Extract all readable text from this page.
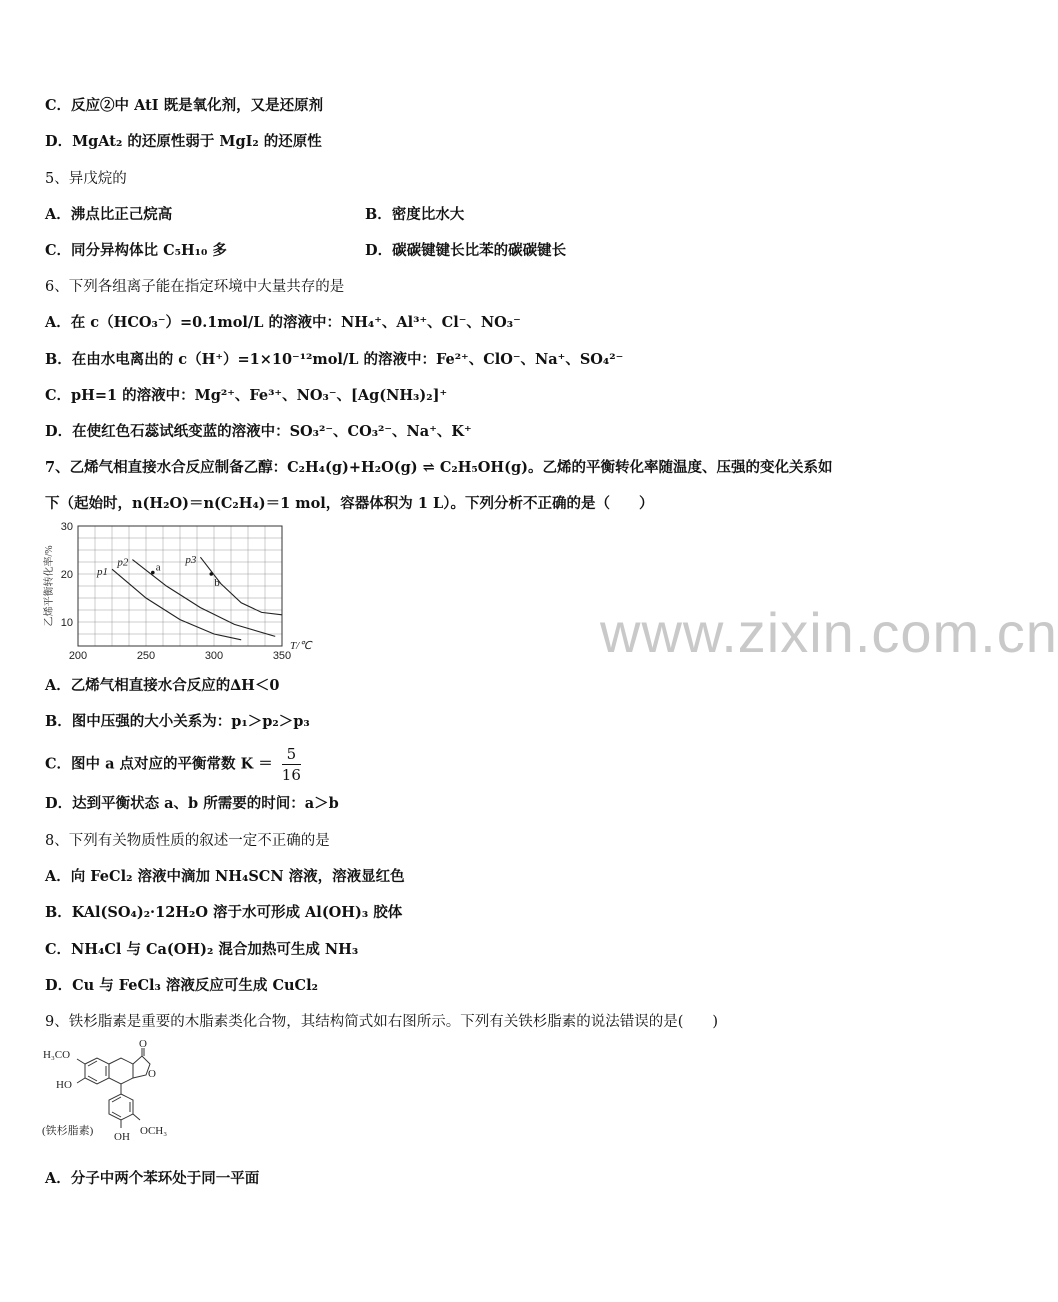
C．反应②中 AtI 既是氧化剂，又是还原剂
D．MgAt₂ 的还原性弱于 MgI₂ 的还原性
5、异戊烷的
A．沸点比正己烷高	B．密度比水大
C．同分异构体比 C₅H₁₀ 多	D．碳碳键键长比苯的碳碳键长
6、下列各组离子能在指定环境中大量共存的是
A．在 c（HCO₃⁻）=0.1mol/L 的溶液中：NH₄⁺、Al³⁺、Cl⁻、NO₃⁻
B．在由水电离出的 c（H⁺）=1×10⁻¹²mol/L 的溶液中：Fe²⁺、ClO⁻、Na⁺、SO₄²⁻
C．pH=1 的溶液中：Mg²⁺、Fe³⁺、NO₃⁻、[Ag(NH₃)₂]⁺
D．在使红色石蕊试纸变蓝的溶液中：SO₃²⁻、CO₃²⁻、Na⁺、K⁺
7、乙烯气相直接水合反应制备乙醇：C₂H₄(g)+H₂O(g) ⇌ C₂H₅OH(g)。乙烯的平衡转化率随温度、压强的变化关系如
下（起始时，n(H₂O)＝n(C₂H₄)＝1 mol，容器体积为 1 L）。下列分析不正确的是（　　）
200	250	300	350
10
20
30
T/℃
乙烯平衡转化率/%	p1
p2	p3
a
b
A．乙烯气相直接水合反应的∆H＜0
B．图中压强的大小关系为：p₁＞p₂＞p₃
C．图中 a 点对应的平衡常数 $K = \frac{5}{16}$
D．达到平衡状态 a、b 所需要的时间：a＞b
8、下列有关物质性质的叙述一定不正确的是
A．向 FeCl₂ 溶液中滴加 NH₄SCN 溶液，溶液显红色
B．KAl(SO₄)₂·12H₂O 溶于水可形成 Al(OH)₃ 胶体
C．NH₄Cl 与 Ca(OH)₂ 混合加热可生成 NH₃
D．Cu 与 FeCl₃ 溶液反应可生成 CuCl₂
9、铁杉脂素是重要的木脂素类化合物，其结构简式如右图所示。下列有关铁杉脂素的说法错误的是(　　)
H₃CO
HO
O
O
OCH₃
OH
(铁杉脂素)
A．分子中两个苯环处于同一平面
www.zixin.com.cn
